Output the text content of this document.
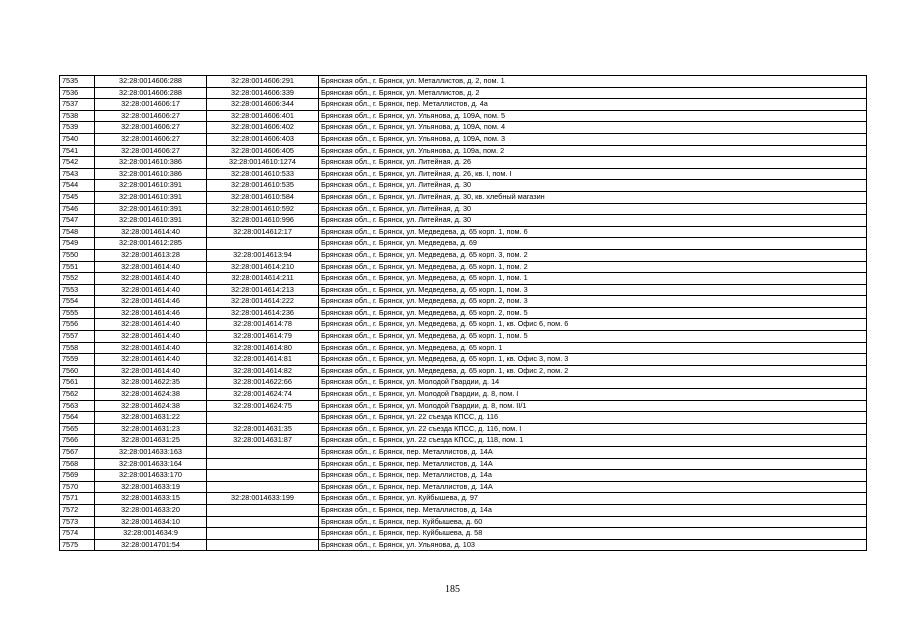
7535	32:28:0014606:288	32:28:0014606:291	Брянская обл., г. Брянск, ул. Металлистов, д. 2, пом. 1
7536	32:28:0014606:288	32:28:0014606:339	Брянская обл., г. Брянск, ул. Металлистов, д. 2
7537	32:28:0014606:17	32:28:0014606:344	Брянская обл., г. Брянск, пер. Металлистов, д. 4а
7538	32:28:0014606:27	32:28:0014606:401	Брянская обл., г. Брянск, ул. Ульянова, д. 109А, пом. 5
7539	32:28:0014606:27	32:28:0014606:402	Брянская обл., г. Брянск, ул. Ульянова, д. 109А, пом. 4
7540	32:28:0014606:27	32:28:0014606:403	Брянская обл., г. Брянск, ул. Ульянова, д. 109А, пом. 3
7541	32:28:0014606:27	32:28:0014606:405	Брянская обл., г. Брянск, ул. Ульянова, д. 109а, пом. 2
7542	32:28:0014610:386	32:28:0014610:1274	Брянская обл., г. Брянск, ул. Литейная, д. 26
7543	32:28:0014610:386	32:28:0014610:533	Брянская обл., г. Брянск, ул. Литейная, д. 26, кв. I, пом. I
7544	32:28:0014610:391	32:28:0014610:535	Брянская обл., г. Брянск, ул. Литейная, д. 30
7545	32:28:0014610:391	32:28:0014610:584	Брянская обл., г. Брянск, ул. Литейная, д. 30, кв. хлебный магазин
7546	32:28:0014610:391	32:28:0014610:592	Брянская обл., г. Брянск, ул. Литейная, д. 30
7547	32:28:0014610:391	32:28:0014610:996	Брянская обл., г. Брянск, ул. Литейная, д. 30
7548	32:28:0014614:40	32:28:0014612:17	Брянская обл., г. Брянск, ул. Медведева, д. 65 корп. 1, пом. 6
7549	32:28:0014612:285		Брянская обл., г. Брянск, ул. Медведева, д. 69
7550	32:28:0014613:28	32:28:0014613:94	Брянская обл., г. Брянск, ул. Медведева, д. 65 корп. 3, пом. 2
7551	32:28:0014614:40	32:28:0014614:210	Брянская обл., г. Брянск, ул. Медведева, д. 65 корп. 1, пом. 2
7552	32:28:0014614:40	32:28:0014614:211	Брянская обл., г. Брянск, ул. Медведева, д. 65 корп. 1, пом. 1
7553	32:28:0014614:40	32:28:0014614:213	Брянская обл., г. Брянск, ул. Медведева, д. 65 корп. 1, пом. 3
7554	32:28:0014614:46	32:28:0014614:222	Брянская обл., г. Брянск, ул. Медведева, д. 65 корп. 2, пом. 3
7555	32:28:0014614:46	32:28:0014614:236	Брянская обл., г. Брянск, ул. Медведева, д. 65 корп. 2, пом. 5
7556	32:28:0014614:40	32:28:0014614:78	Брянская обл., г. Брянск, ул. Медведева, д. 65 корп. 1, кв. Офис 6, пом. 6
7557	32:28:0014614:40	32:28:0014614:79	Брянская обл., г. Брянск, ул. Медведева, д. 65 корп. 1, пом. 5
7558	32:28:0014614:40	32:28:0014614:80	Брянская обл., г. Брянск, ул. Медведева, д. 65 корп. 1
7559	32:28:0014614:40	32:28:0014614:81	Брянская обл., г. Брянск, ул. Медведева, д. 65 корп. 1, кв. Офис 3, пом. 3
7560	32:28:0014614:40	32:28:0014614:82	Брянская обл., г. Брянск, ул. Медведева, д. 65 корп. 1, кв. Офис 2, пом. 2
7561	32:28:0014622:35	32:28:0014622:66	Брянская обл., г. Брянск, ул. Молодой Гвардии, д. 14
7562	32:28:0014624:38	32:28:0014624:74	Брянская обл., г. Брянск, ул. Молодой Гвардии, д. 8, пом. I
7563	32:28:0014624:38	32:28:0014624:75	Брянская обл., г. Брянск, ул. Молодой Гвардии, д. 8, пом. II/1
7564	32:28:0014631:22		Брянская обл., г. Брянск, ул. 22 съезда КПСС, д. 116
7565	32:28:0014631:23	32:28:0014631:35	Брянская обл., г. Брянск, ул. 22 съезда КПСС, д. 116, пом. I
7566	32:28:0014631:25	32:28:0014631:87	Брянская обл., г. Брянск, ул. 22 съезда КПСС, д. 118, пом. 1
7567	32:28:0014633:163		Брянская обл., г. Брянск, пер. Металлистов, д. 14А
7568	32:28:0014633:164		Брянская обл., г. Брянск, пер. Металлистов, д. 14А
7569	32:28:0014633:170		Брянская обл., г. Брянск, пер. Металлистов, д. 14а
7570	32:28:0014633:19		Брянская обл., г. Брянск, пер. Металлистов, д. 14А
7571	32:28:0014633:15	32:28:0014633:199	Брянская обл., г. Брянск, ул. Куйбышева, д. 97
7572	32:28:0014633:20		Брянская обл., г. Брянск, пер. Металлистов, д. 14а
7573	32:28:0014634:10		Брянская обл., г. Брянск, пер. Куйбышева, д. 60
7574	32:28:0014634:9		Брянская обл., г. Брянск, пер. Куйбышева, д. 58
7575	32:28:0014701:54		Брянская обл., г. Брянск, ул. Ульянова, д. 103
185
